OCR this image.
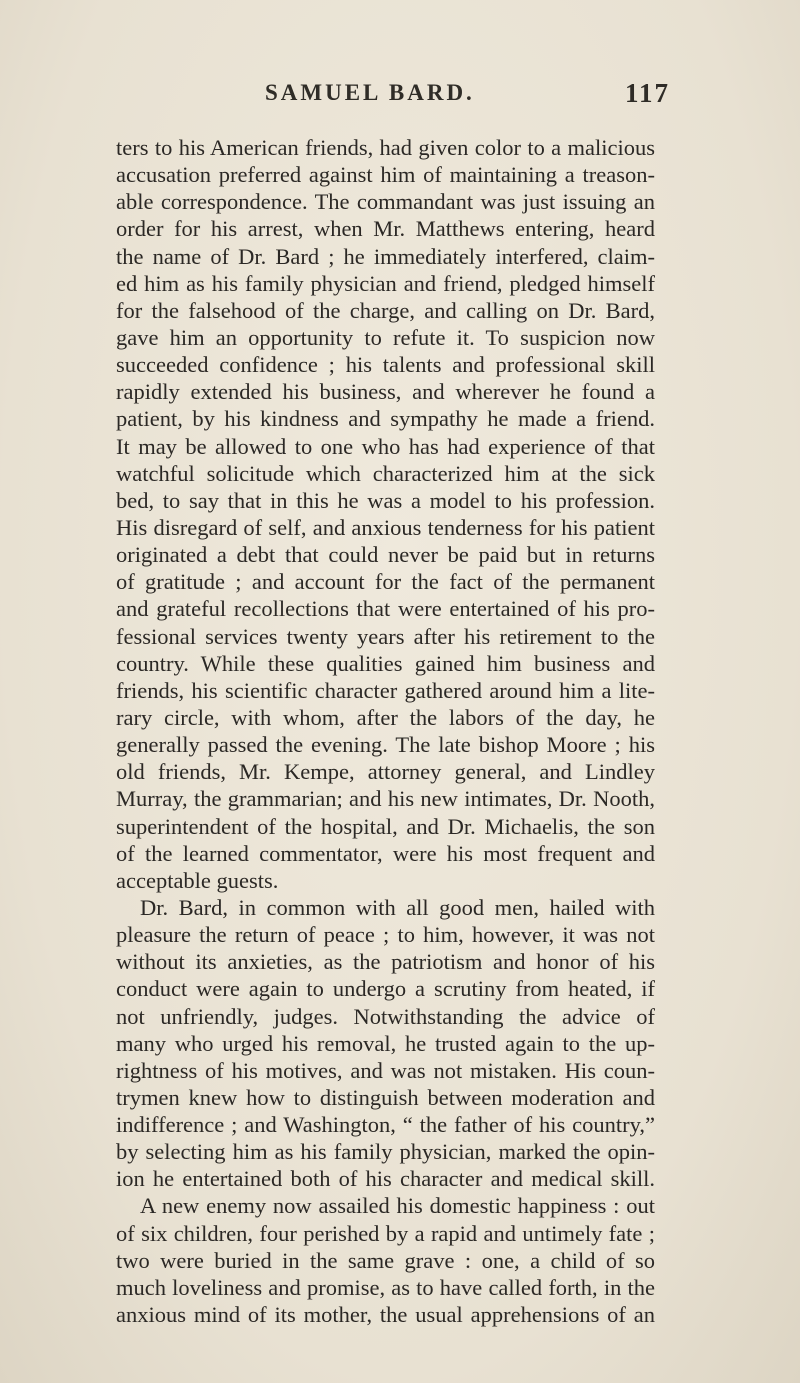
SAMUEL BARD.	117
ters to his American friends, had given color to a malicious
accusation preferred against him of maintaining a treason-
able correspondence. The commandant was just issuing an
order for his arrest, when Mr. Matthews entering, heard
the name of Dr. Bard ; he immediately interfered, claim-
ed him as his family physician and friend, pledged himself
for the falsehood of the charge, and calling on Dr. Bard,
gave him an opportunity to refute it. To suspicion now
succeeded confidence ; his talents and professional skill
rapidly extended his business, and wherever he found a
patient, by his kindness and sympathy he made a friend.
It may be allowed to one who has had experience of that
watchful solicitude which characterized him at the sick
bed, to say that in this he was a model to his profession.
His disregard of self, and anxious tenderness for his patient
originated a debt that could never be paid but in returns
of gratitude ; and account for the fact of the permanent
and grateful recollections that were entertained of his pro-
fessional services twenty years after his retirement to the
country. While these qualities gained him business and
friends, his scientific character gathered around him a lite-
rary circle, with whom, after the labors of the day, he
generally passed the evening. The late bishop Moore ; his
old friends, Mr. Kempe, attorney general, and Lindley
Murray, the grammarian; and his new intimates, Dr. Nooth,
superintendent of the hospital, and Dr. Michaelis, the son
of the learned commentator, were his most frequent and
acceptable guests.
Dr. Bard, in common with all good men, hailed with
pleasure the return of peace ; to him, however, it was not
without its anxieties, as the patriotism and honor of his
conduct were again to undergo a scrutiny from heated, if
not unfriendly, judges. Notwithstanding the advice of
many who urged his removal, he trusted again to the up-
rightness of his motives, and was not mistaken. His coun-
trymen knew how to distinguish between moderation and
indifference ; and Washington, “ the father of his country,”
by selecting him as his family physician, marked the opin-
ion he entertained both of his character and medical skill.
A new enemy now assailed his domestic happiness : out
of six children, four perished by a rapid and untimely fate ;
two were buried in the same grave : one, a child of so
much loveliness and promise, as to have called forth, in the
anxious mind of its mother, the usual apprehensions of an
